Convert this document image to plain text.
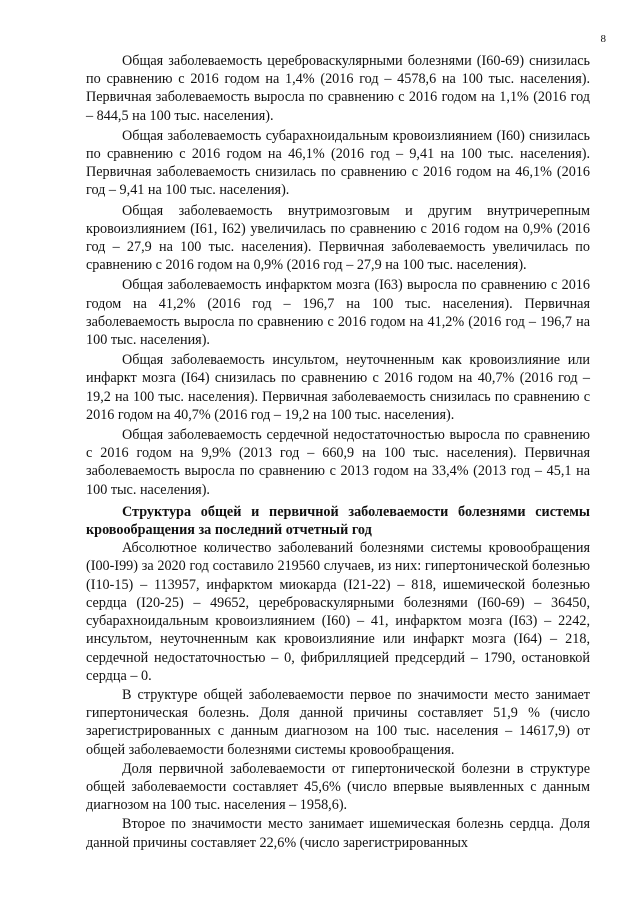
8

Общая заболеваемость цереброваскулярными болезнями (I60-69) снизилась по сравнению с 2016 годом на 1,4% (2016 год – 4578,6 на 100 тыс. населения). Первичная заболеваемость выросла по сравнению с 2016 годом на 1,1% (2016 год – 844,5 на 100 тыс. населения).

Общая заболеваемость субарахноидальным кровоизлиянием (I60) снизилась по сравнению с 2016 годом на 46,1% (2016 год – 9,41 на 100 тыс. населения). Первичная заболеваемость снизилась по сравнению с 2016 годом на 46,1% (2016 год – 9,41 на 100 тыс. населения).

Общая заболеваемость внутримозговым и другим внутричерепным кровоизлиянием (I61, I62) увеличилась по сравнению с 2016 годом на 0,9% (2016 год – 27,9 на 100 тыс. населения). Первичная заболеваемость увеличилась по сравнению с 2016 годом на 0,9% (2016 год – 27,9 на 100 тыс. населения).

Общая заболеваемость инфарктом мозга (I63) выросла по сравнению с 2016 годом на 41,2% (2016 год – 196,7 на 100 тыс. населения). Первичная заболеваемость выросла по сравнению с 2016 годом на 41,2% (2016 год – 196,7 на 100 тыс. населения).

Общая заболеваемость инсультом, неуточненным как кровоизлияние или инфаркт мозга (I64) снизилась по сравнению с 2016 годом на 40,7% (2016 год – 19,2 на 100 тыс. населения). Первичная заболеваемость снизилась по сравнению с 2016 годом на 40,7% (2016 год – 19,2 на 100 тыс. населения).

Общая заболеваемость сердечной недостаточностью выросла по сравнению с 2016 годом на 9,9% (2013 год – 660,9 на 100 тыс. населения). Первичная заболеваемость выросла по сравнению с 2013 годом на 33,4% (2013 год – 45,1 на 100 тыс. населения).

Структура общей и первичной заболеваемости болезнями системы кровообращения за последний отчетный год

Абсолютное количество заболеваний болезнями системы кровообращения (I00-I99) за 2020 год составило 219560 случаев, из них: гипертонической болезнью (I10-15) – 113957, инфарктом миокарда (I21-22) – 818, ишемической болезнью сердца (I20-25) – 49652, цереброваскулярными болезнями (I60-69) – 36450, субарахноидальным кровоизлиянием (I60) – 41, инфарктом мозга (I63) – 2242, инсультом, неуточненным как кровоизлияние или инфаркт мозга (I64) – 218, сердечной недостаточностью – 0, фибрилляцией предсердий – 1790, остановкой сердца – 0.

В структуре общей заболеваемости первое по значимости место занимает гипертоническая болезнь. Доля данной причины составляет 51,9 % (число зарегистрированных с данным диагнозом на 100 тыс. населения – 14617,9) от общей заболеваемости болезнями системы кровообращения.

Доля первичной заболеваемости от гипертонической болезни в структуре общей заболеваемости составляет 45,6% (число впервые выявленных с данным диагнозом на 100 тыс. населения – 1958,6).

Второе по значимости место занимает ишемическая болезнь сердца. Доля данной причины составляет 22,6% (число зарегистрированных
